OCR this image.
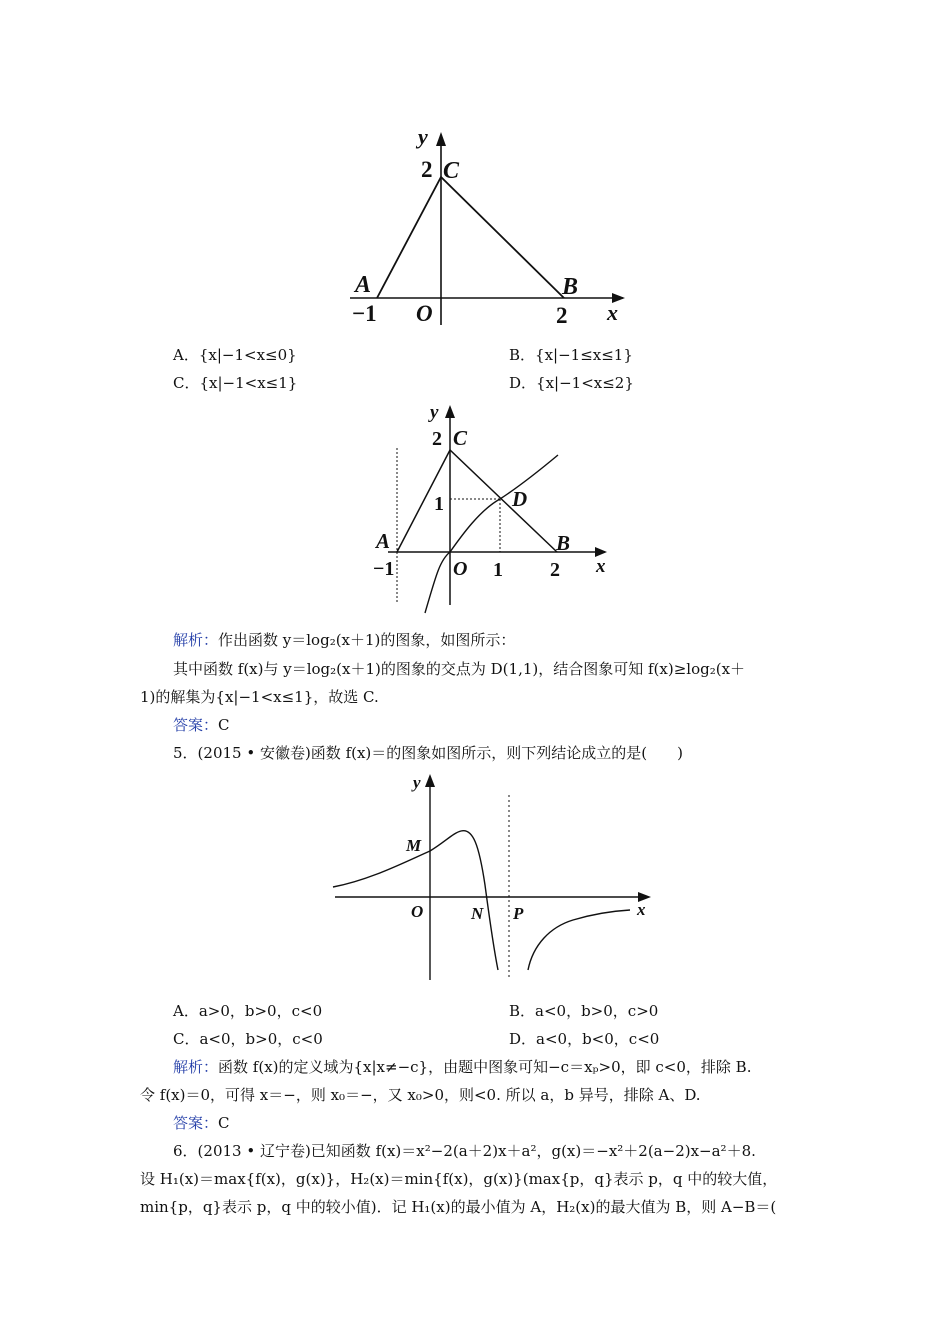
y
2 C
A	B
−1 O	2 x
A．{x|−1<x≤0}	B．{x|−1≤x≤1}
C．{x|−1<x≤1}	D．{x|−1<x≤2}
y
2 C
1	D
A	B
−1	O 1 2 x
解析：作出函数 y＝log₂(x＋1)的图象，如图所示：
其中函数 f(x)与 y＝log₂(x＋1)的图象的交点为 D(1,1)，结合图象可知 f(x)≥log₂(x＋
1)的解集为{x|−1<x≤1}，故选 C.
答案：C
5．(2015 • 安徽卷)函数 f(x)＝的图象如图所示，则下列结论成立的是(　　)
y
M
O	N P	x
A．a>0，b>0，c<0	B．a<0，b>0，c>0
C．a<0，b>0，c<0	D．a<0，b<0，c<0
解析：函数 f(x)的定义域为{x|x≠−c}，由题中图象可知−c＝xₚ>0，即 c<0，排除 B.
令 f(x)＝0，可得 x＝−，则 x₀＝−，又 x₀>0，则<0. 所以 a，b 异号，排除 A、D.
答案：C
6．(2013 • 辽宁卷)已知函数 f(x)＝x²−2(a＋2)x＋a²，g(x)＝−x²＋2(a−2)x−a²＋8.
设 H₁(x)＝max{f(x)，g(x)}，H₂(x)＝min{f(x)，g(x)}(max{p，q}表示 p，q 中的较大值，
min{p，q}表示 p，q 中的较小值)．记 H₁(x)的最小值为 A，H₂(x)的最大值为 B，则 A−B＝(
